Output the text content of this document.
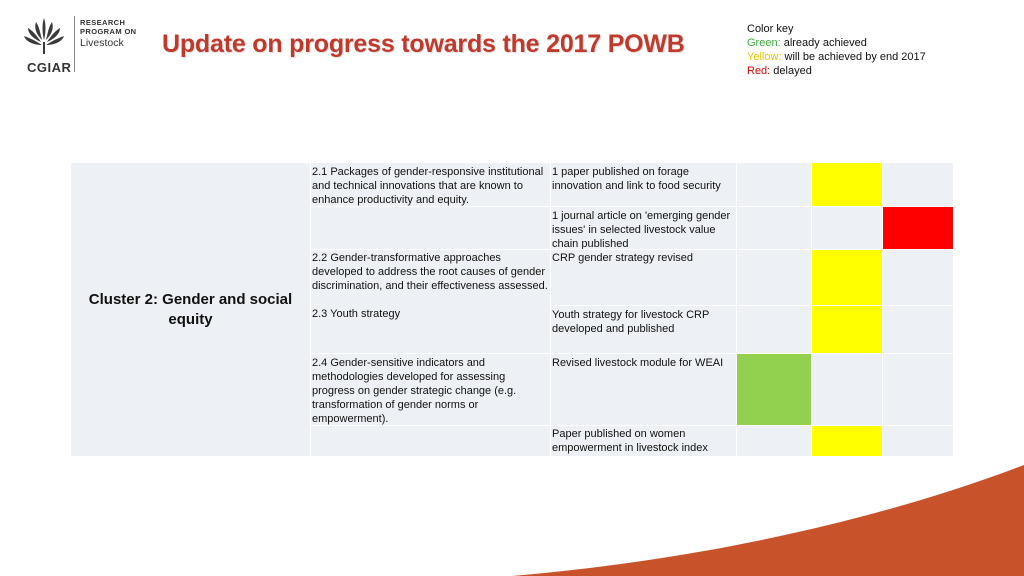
RESEARCH
PROGRAM ON
Livestock
CGIAR
Update on progress towards the 2017 POWB
Color key
Green: already achieved
Yellow: will be achieved by end 2017
Red: delayed
Cluster 2: Gender and social equity
2.1 Packages of gender-responsive institutional and technical innovations that are known to enhance productivity and equity.
1 paper published on forage innovation and link to food security
1 journal article on 'emerging gender issues' in selected livestock value chain published
2.2 Gender-transformative approaches developed to address the root causes of gender discrimination, and their effectiveness assessed.
CRP gender strategy revised
2.3 Youth strategy	Youth strategy for livestock CRP developed and published
2.4 Gender-sensitive indicators and methodologies developed for assessing progress on gender strategic change (e.g. transformation of gender norms or empowerment).
Revised livestock module for WEAI
Paper published on women empowerment in livestock index
